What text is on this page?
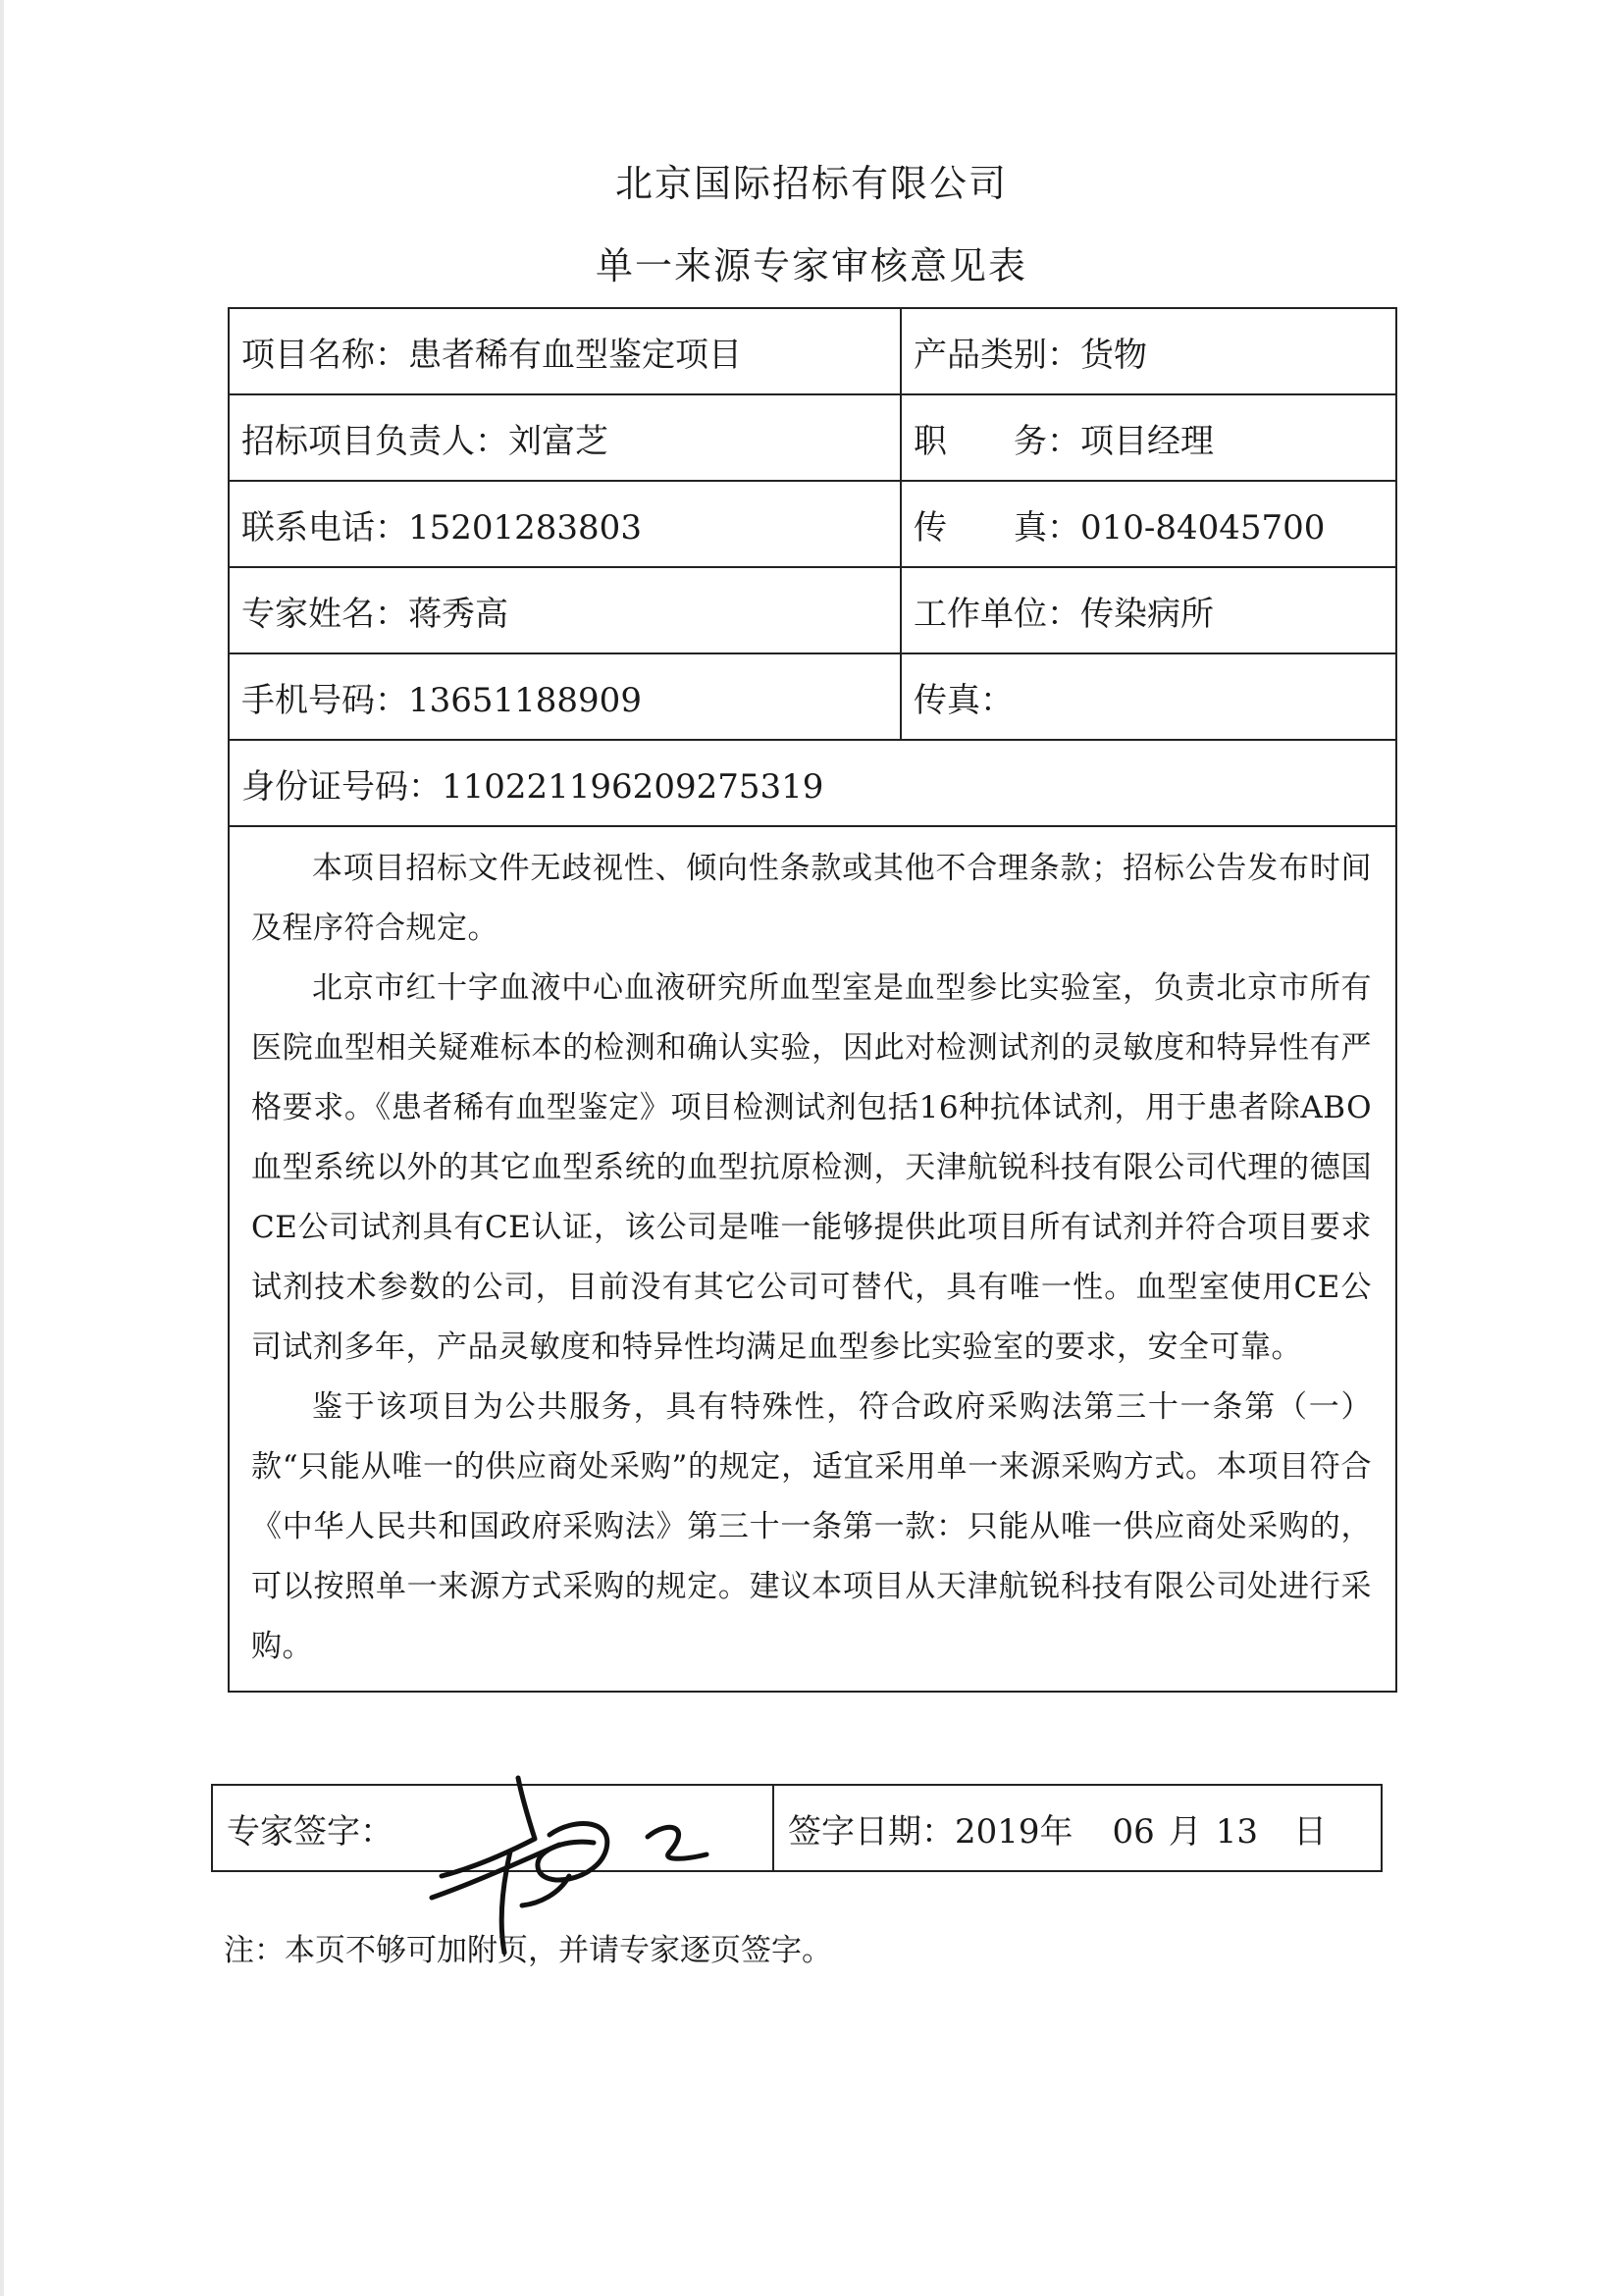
北京国际招标有限公司
单一来源专家审核意见表
项目名称：患者稀有血型鉴定项目	产品类别：货物
招标项目负责人：刘富芝	职　　务：项目经理
联系电话：15201283803	传　　真：010-84045700
专家姓名：蒋秀高	工作单位：传染病所
手机号码：13651188909	传真：
身份证号码：110221196209275319	

本项目招标文件无歧视性、倾向性条款或其他不合理条款；招标公告发布时间及程序符合规定。

北京市红十字血液中心血液研究所血型室是血型参比实验室，负责北京市所有医院血型相关疑难标本的检测和确认实验，因此对检测试剂的灵敏度和特异性有严格要求。《患者稀有血型鉴定》项目检测试剂包括16种抗体试剂，用于患者除ABO血型系统以外的其它血型系统的血型抗原检测，天津航锐科技有限公司代理的德国CE公司试剂具有CE认证，该公司是唯一能够提供此项目所有试剂并符合项目要求试剂技术参数的公司，目前没有其它公司可替代，具有唯一性。血型室使用CE公司试剂多年，产品灵敏度和特异性均满足血型参比实验室的要求，安全可靠。

鉴于该项目为公共服务，具有特殊性，符合政府采购法第三十一条第（一）款“只能从唯一的供应商处采购”的规定，适宜采用单一来源采购方式。本项目符合《中华人民共和国政府采购法》第三十一条第一款：只能从唯一供应商处采购的，可以按照单一来源方式采购的规定。建议本项目从天津航锐科技有限公司处进行采购。	

专家签字：	签字日期：2019年 06 月 13 日
注：本页不够可加附页，并请专家逐页签字。
